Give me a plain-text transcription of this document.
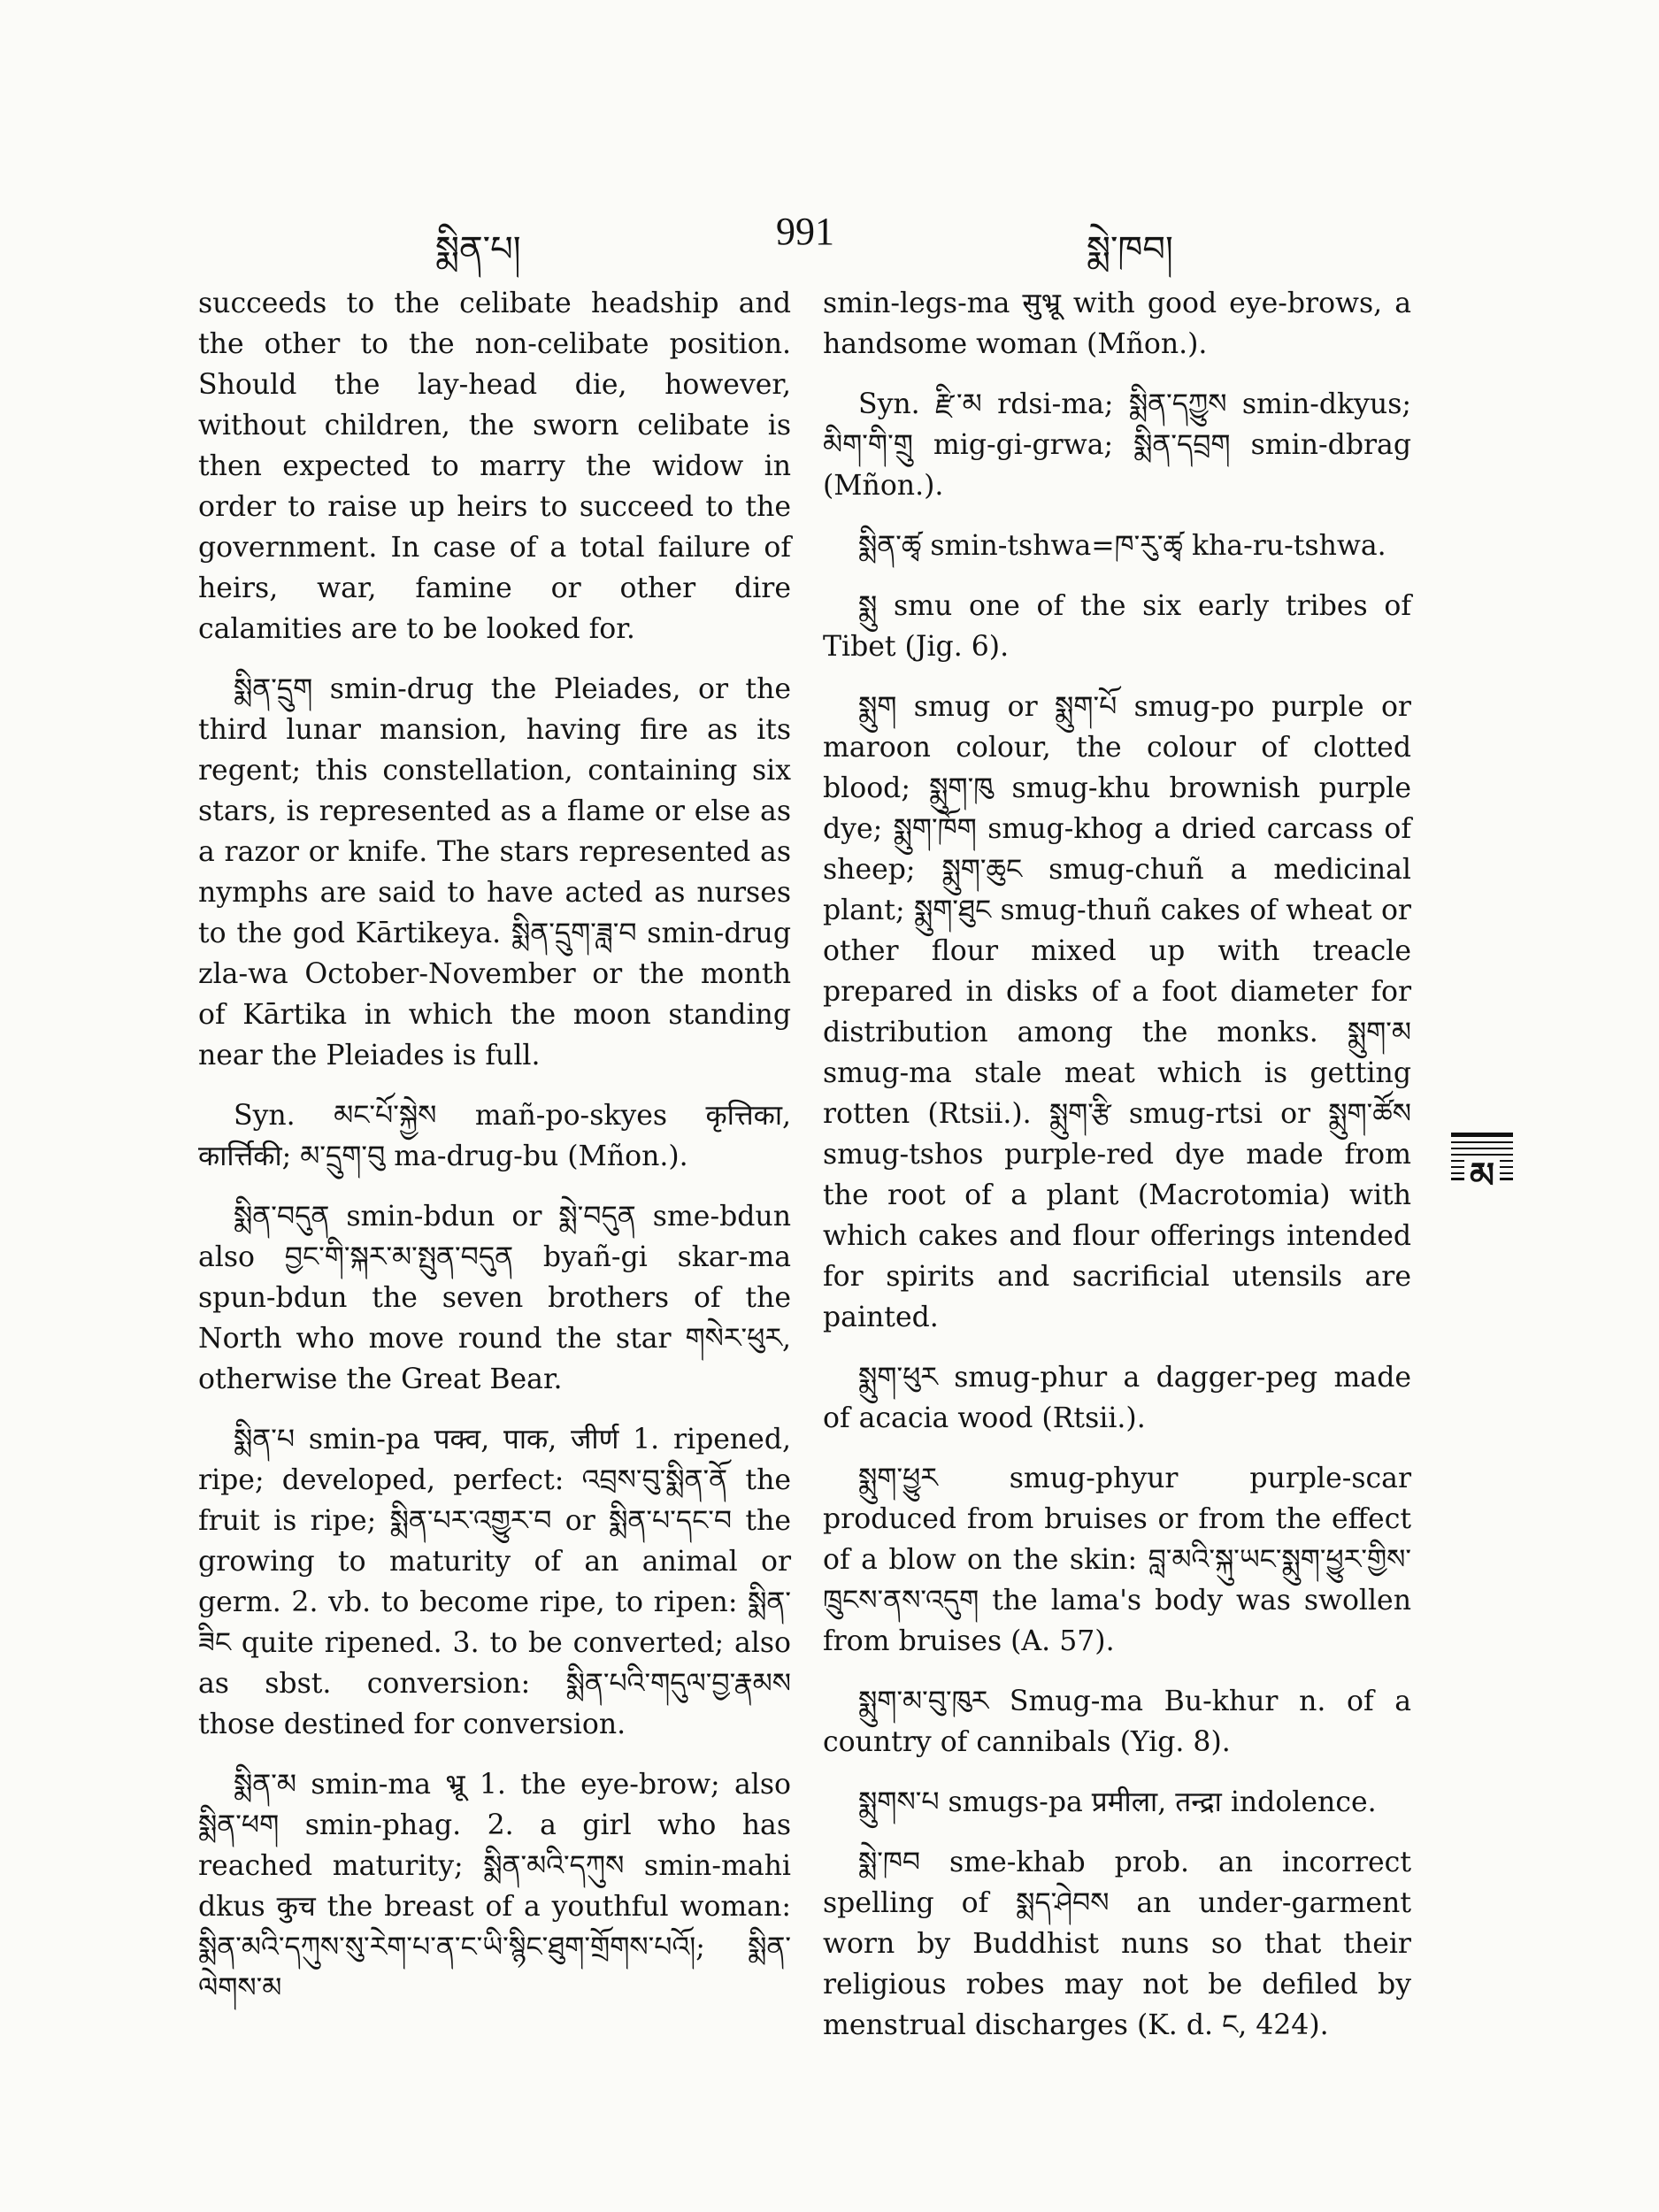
སྨིན་པ།	991	སྨེ་ཁབ།

succeeds to the celibate headship and the other to the non-celibate position. Should the lay-head die, however, without children, the sworn celibate is then expected to marry the widow in order to raise up heirs to succeed to the government. In case of a total failure of heirs, war, famine or other dire calamities are to be looked for.

སྨིན་དྲུག smin-drug the Pleiades, or the third lunar mansion, having fire as its regent; this constellation, containing six stars, is represented as a flame or else as a razor or knife. The stars represented as nymphs are said to have acted as nurses to the god Kārtikeya. སྨིན་དྲུག་ཟླ་བ smin-drug zla-wa October-November or the month of Kārtika in which the moon standing near the Pleiades is full.

Syn. མང་པོ་སྐྱེས mañ-po-skyes कृत्तिका, कार्त्तिकी; མ་དྲུག་བུ ma-drug-bu (Mñon.).

སྨིན་བདུན smin-bdun or སྨེ་བདུན sme-bdun also བྱང་གི་སྐར་མ་སྤུན་བདུན byañ-gi skar-ma spun-bdun the seven brothers of the North who move round the star གསེར་ཕུར, otherwise the Great Bear.

སྨིན་པ smin-pa पक्व, पाक, जीर्ण 1. ripened, ripe; developed, perfect: འབྲས་བུ་སྨིན་ནོ the fruit is ripe; སྨིན་པར་འགྱུར་བ or སྨིན་པ་དང་བ the growing to maturity of an animal or germ. 2. vb. to become ripe, to ripen: སྨིན་ཟིང quite ripened. 3. to be converted; also as sbst. conversion: སྨིན་པའི་གདུལ་བྱ་རྣམས those destined for conversion.

སྨིན་མ smin-ma भ्रू 1. the eye-brow; also སྨིན་ཕག smin-phag. 2. a girl who has reached maturity; སྨིན་མའི་དཀུས smin-mahi dkus कुच the breast of a youthful woman: སྨིན་མའི་དཀུས་སུ་རེག་པ་ན་ང་ཡི་སྙིང་ཐུག་གྲོགས་པའོ།; སྨིན་ལེགས་མ

smin-legs-ma सुभ्रू with good eye-brows, a handsome woman (Mñon.).

Syn. རྫི་མ rdsi-ma; སྨིན་དཀྱུས smin-dkyus; མིག་གི་གྲུ mig-gi-grwa; སྨིན་དབྲག smin-dbrag (Mñon.).

སྨིན་ཚྭ smin-tshwa=ཁ་རུ་ཚྭ kha-ru-tshwa.

སྨུ smu one of the six early tribes of Tibet (Jig. 6).

སྨུག smug or སྨུག་པོ smug-po purple or maroon colour, the colour of clotted blood; སྨུག་ཁུ smug-khu brownish purple dye; སྨུག་ཁོག smug-khog a dried carcass of sheep; སྨུག་ཆུང smug-chuñ a medicinal plant; སྨུག་ཐུང smug-thuñ cakes of wheat or other flour mixed up with treacle prepared in disks of a foot diameter for distribution among the monks. སྨུག་མ smug-ma stale meat which is getting rotten (Rtsii.). སྨུག་རྩི smug-rtsi or སྨུག་ཚོས smug-tshos purple-red dye made from the root of a plant (Macrotomia) with which cakes and flour offerings intended for spirits and sacrificial utensils are painted.

སྨུག་ཕུར smug-phur a dagger-peg made of acacia wood (Rtsii.).

སྨུག་ཕྱུར smug-phyur purple-scar produced from bruises or from the effect of a blow on the skin: བླ་མའི་སྐུ་ཡང་སྨུག་ཕྱུར་གྱིས་ཁྲུངས་ནས་འདུག the lama's body was swollen from bruises (A. 57).

སྨུག་མ་བུ་ཁུར Smug-ma Bu-khur n. of a country of cannibals (Yig. 8).

སྨུགས་པ smugs-pa प्रमीला, तन्द्रा indolence.

སྨེ་ཁབ sme-khab prob. an incorrect spelling of སྨད་ཤེབས an under-garment worn by Buddhist nuns so that their religious robes may not be defiled by menstrual discharges (K. d. ང, 424).

མ
